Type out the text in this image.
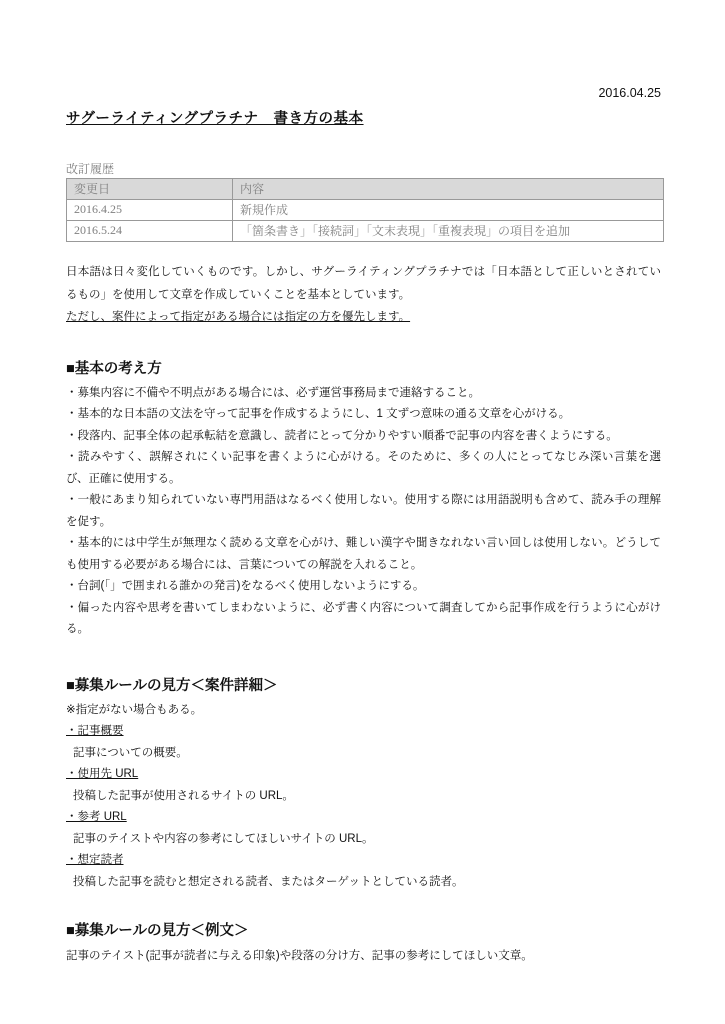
2016.04.25
サグーライティングプラチナ　書き方の基本
改訂履歴
変更日	内容
2016.4.25	新規作成
2016.5.24	「箇条書き」「接続詞」「文末表現」「重複表現」の項目を追加
日本語は日々変化していくものです。しかし、サグーライティングプラチナでは「日本語として正しいとされているもの」を使用して文章を作成していくことを基本としています。
ただし、案件によって指定がある場合には指定の方を優先します。
■基本の考え方
・募集内容に不備や不明点がある場合には、必ず運営事務局まで連絡すること。
・基本的な日本語の文法を守って記事を作成するようにし、1 文ずつ意味の通る文章を心がける。
・段落内、記事全体の起承転結を意識し、読者にとって分かりやすい順番で記事の内容を書くようにする。
・読みやすく、誤解されにくい記事を書くように心がける。そのために、多くの人にとってなじみ深い言葉を選び、正確に使用する。
・一般にあまり知られていない専門用語はなるべく使用しない。使用する際には用語説明も含めて、読み手の理解を促す。
・基本的には中学生が無理なく読める文章を心がけ、難しい漢字や聞きなれない言い回しは使用しない。どうしても使用する必要がある場合には、言葉についての解説を入れること。
・台詞(「」で囲まれる誰かの発言)をなるべく使用しないようにする。
・偏った内容や思考を書いてしまわないように、必ず書く内容について調査してから記事作成を行うように心がける。
■募集ルールの見方＜案件詳細＞
※指定がない場合もある。
・記事概要
記事についての概要。
・使用先 URL
投稿した記事が使用されるサイトの URL。
・参考 URL
記事のテイストや内容の参考にしてほしいサイトの URL。
・想定読者
投稿した記事を読むと想定される読者、またはターゲットとしている読者。
■募集ルールの見方＜例文＞
記事のテイスト(記事が読者に与える印象)や段落の分け方、記事の参考にしてほしい文章。
